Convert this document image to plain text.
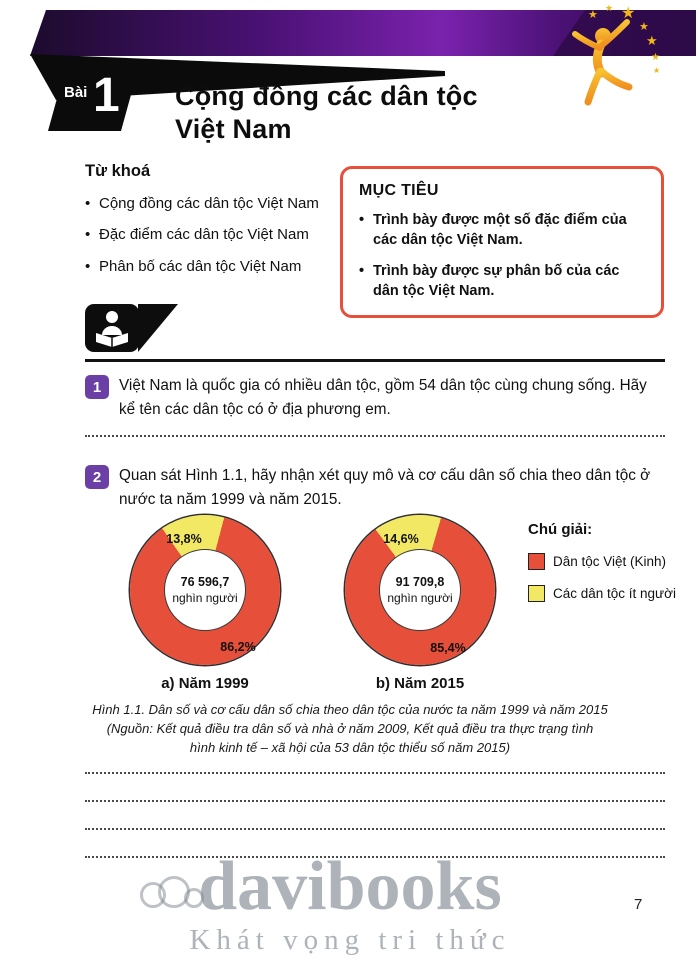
★ ★ ★
★
★
★
★
Bài 1 Cộng đồng các dân tộc
Việt Nam
Từ khoá
• Cộng đồng các dân tộc Việt Nam
• Đặc điểm các dân tộc Việt Nam
• Phân bố các dân tộc Việt Nam
MỤC TIÊU
• Trình bày được một số đặc điểm của các dân tộc Việt Nam.
• Trình bày được sự phân bố của các dân tộc Việt Nam.
1	Việt Nam là quốc gia có nhiều dân tộc, gồm 54 dân tộc cùng chung sống. Hãy kể tên các dân tộc có ở địa phương em.
2	Quan sát Hình 1.1, hãy nhận xét quy mô và cơ cấu dân số chia theo dân tộc ở nước ta năm 1999 và năm 2015.
76 596,7
nghìn người
13,8%
86,2%
91 709,8
nghìn người
14,6%
85,4%
a) Năm 1999	b) Năm 2015
Chú giải:
Dân tộc Việt (Kinh)
Các dân tộc ít người
Hình 1.1. Dân số và cơ cấu dân số chia theo dân tộc của nước ta năm 1999 và năm 2015
(Nguồn: Kết quả điều tra dân số và nhà ở năm 2009, Kết quả điều tra thực trạng tình hình kinh tế – xã hội của 53 dân tộc thiểu số năm 2015)
davibooks
Khát vọng tri thức
7
